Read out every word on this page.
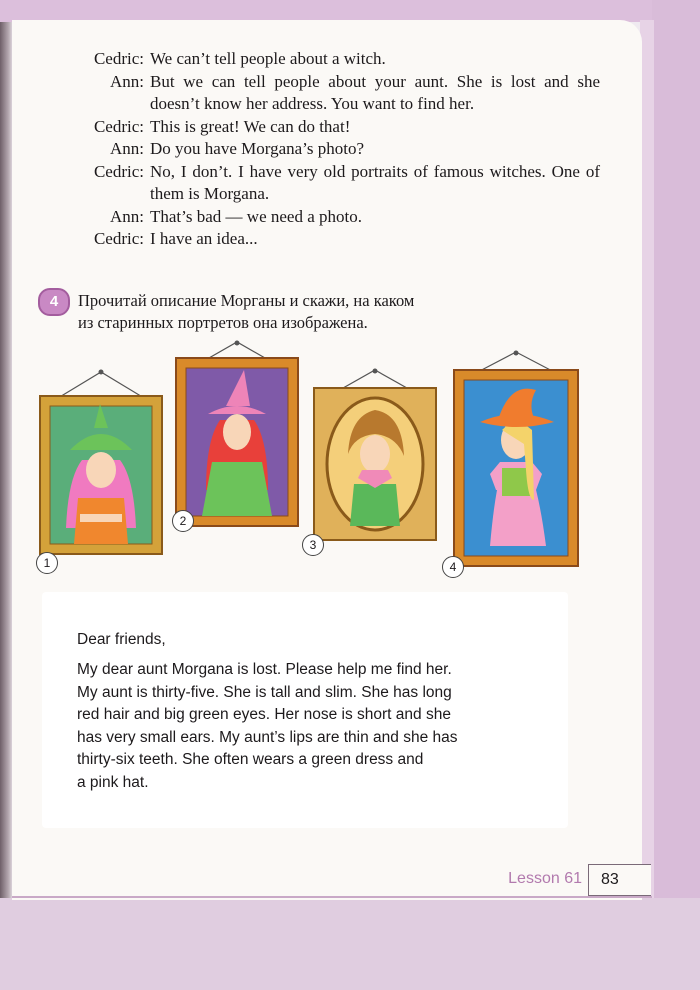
Cedric: We can’t tell people about a witch.
Ann: But we can tell people about your aunt. She is lost and she doesn’t know her address. You want to find her.
Cedric: This is great! We can do that!
Ann: Do you have Morgana’s photo?
Cedric: No, I don’t. I have very old portraits of famous witches. One of them is Morgana.
Ann: That’s bad — we need a photo.
Cedric: I have an idea...
4	Прочитай описание Морганы и скажи, на каком
из старинных портретов она изображена.
1
2
3
4
Dear friends,
My dear aunt Morgana is lost. Please help me find her.
My aunt is thirty-five. She is tall and slim. She has long
red hair and big green eyes. Her nose is short and she
has very small ears. My aunt’s lips are thin and she has
thirty-six teeth. She often wears a green dress and
a pink hat.
Lesson 61	83
